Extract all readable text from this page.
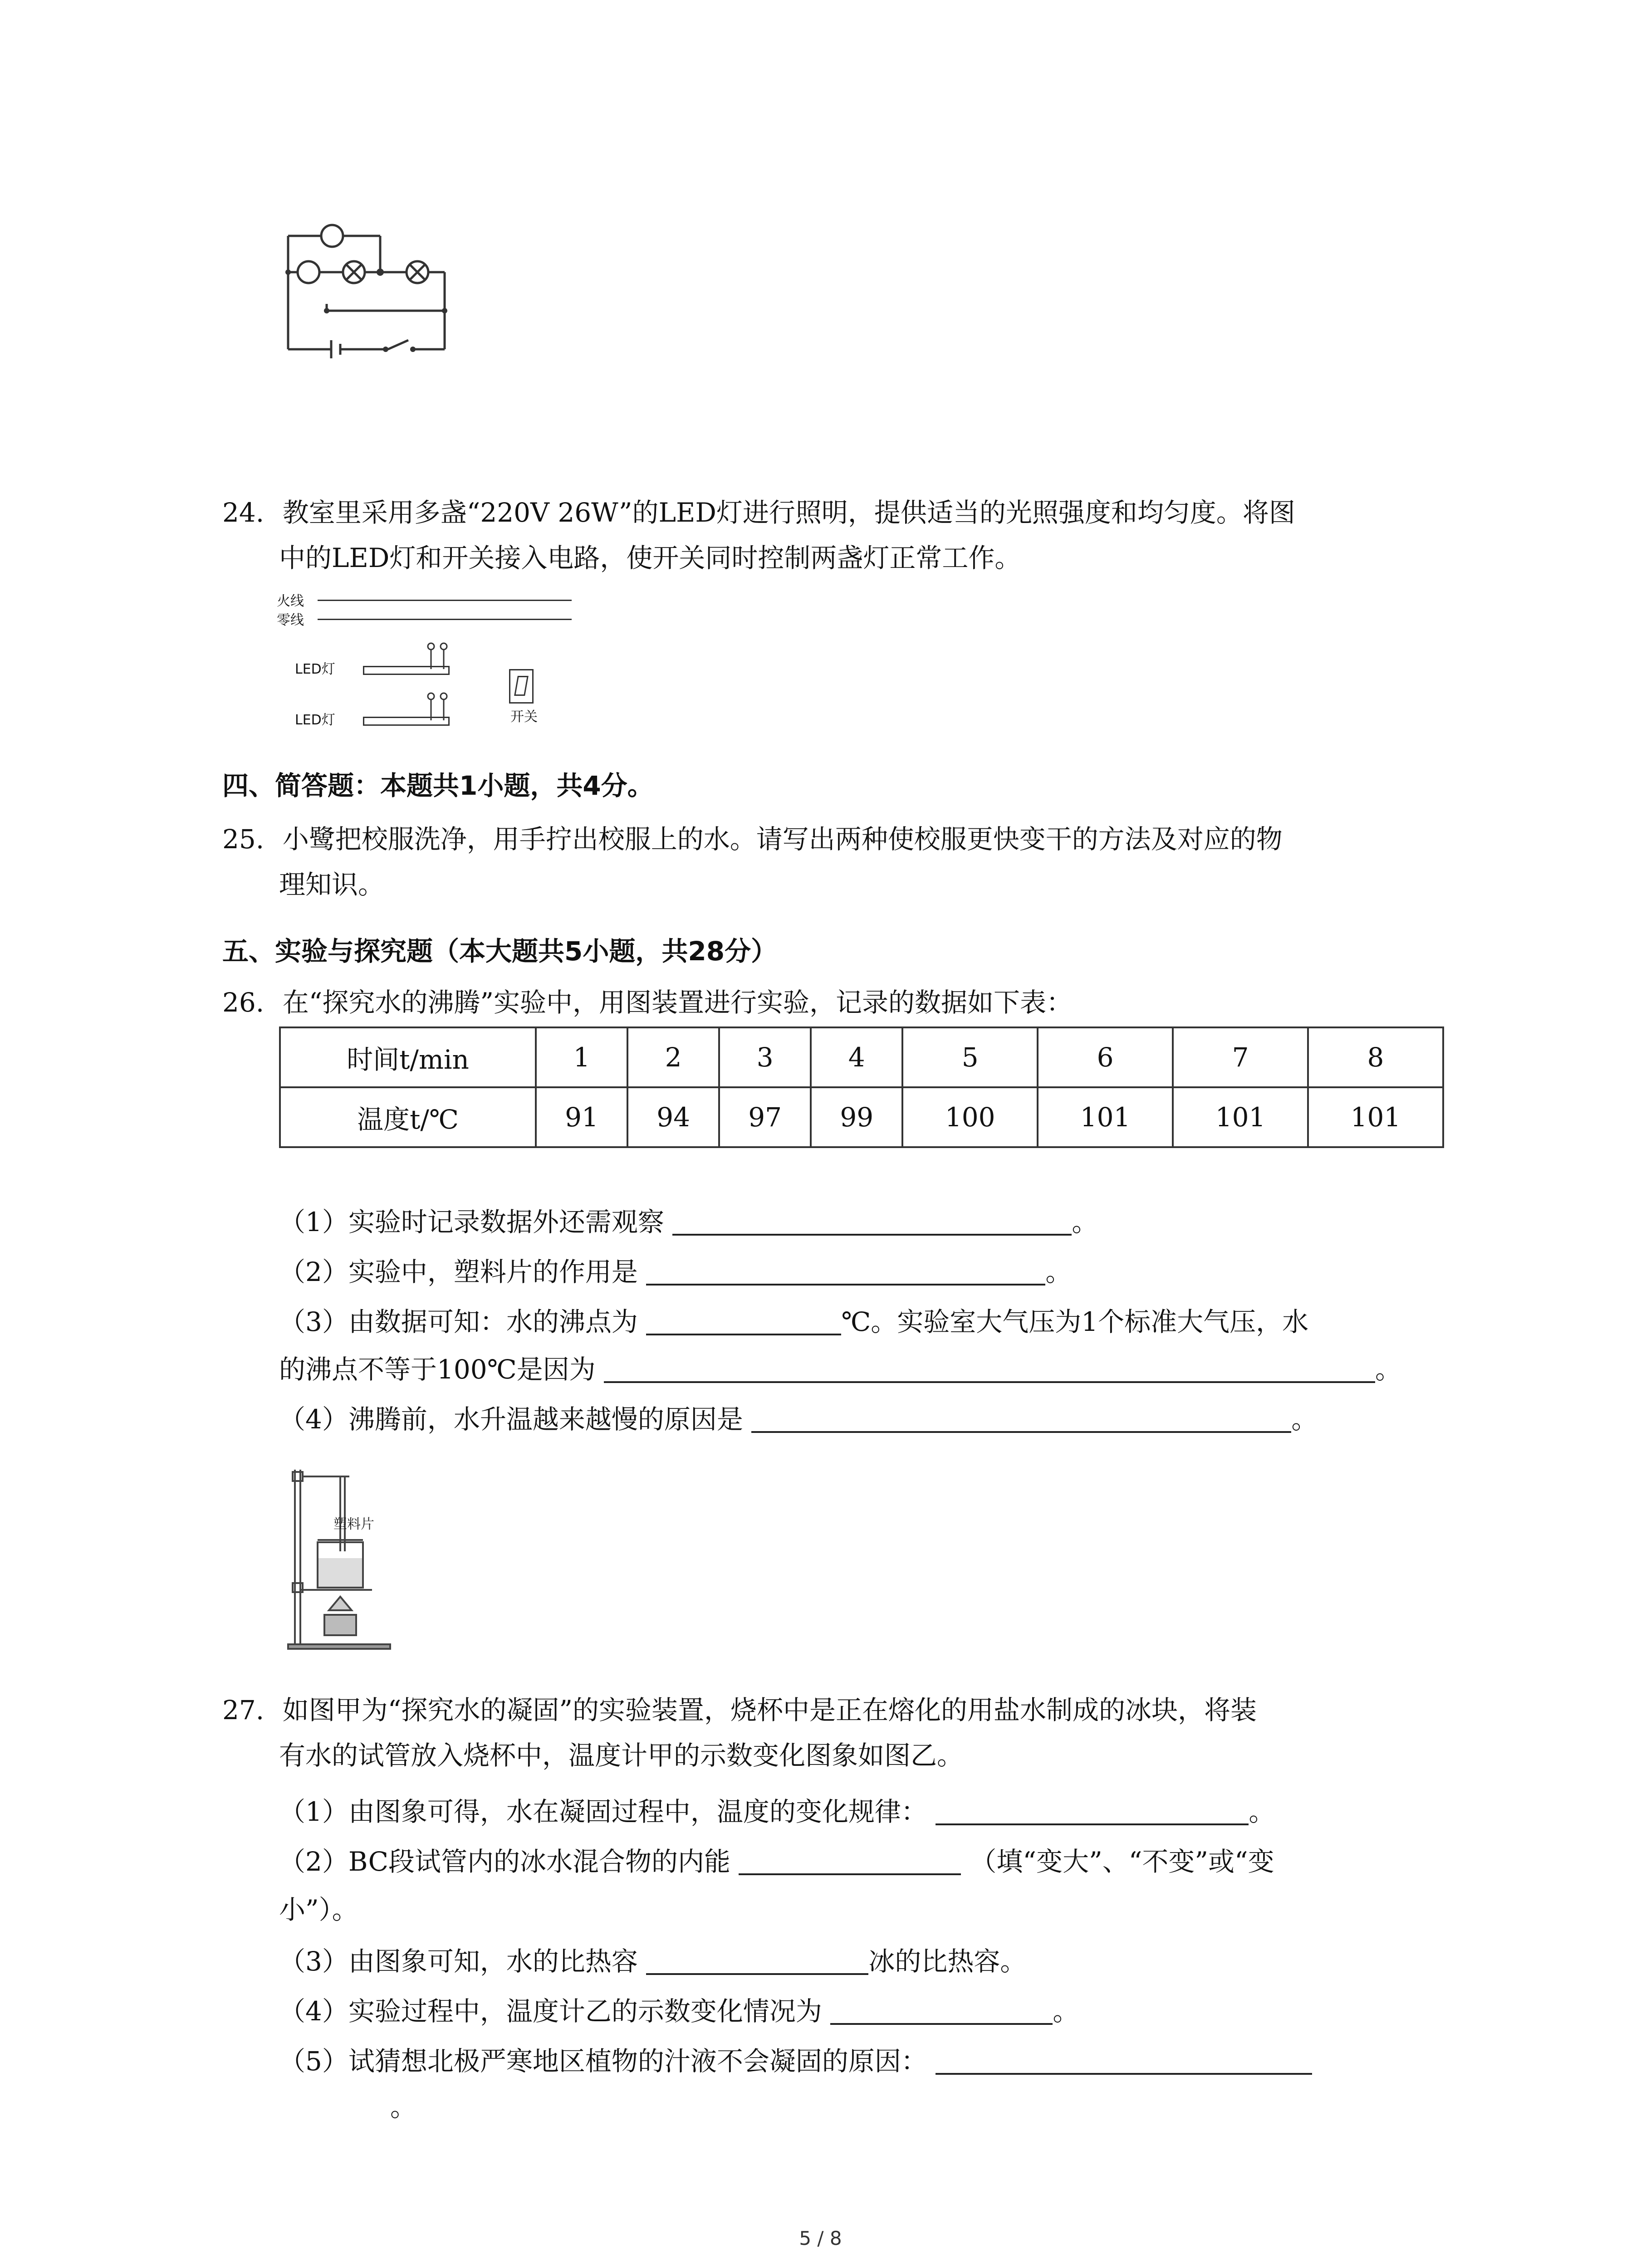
24. 教室里采用多盏“220V 26W”的LED灯进行照明，提供适当的光照强度和均匀度。将图
中的LED灯和开关接入电路，使开关同时控制两盏灯正常工作。
火线
零线
LED灯
LED灯	开关
四、简答题：本题共1小题，共4分。
25. 小鹭把校服洗净，用手拧出校服上的水。请写出两种使校服更快变干的方法及对应的物
理知识。
五、实验与探究题（本大题共5小题，共28分）
26. 在“探究水的沸腾”实验中，用图装置进行实验，记录的数据如下表：
时间t/min	1	2	3	4	5	6	7	8
温度t/℃	91	94	97	99	100	101	101	101
（1）实验时记录数据外还需观察	。
（2）实验中，塑料片的作用是	。
（3）由数据可知：水的沸点为	℃。实验室大气压为1个标准大气压，水
的沸点不等于100℃是因为	。
（4）沸腾前，水升温越来越慢的原因是	。
塑料片
27. 如图甲为“探究水的凝固”的实验装置，烧杯中是正在熔化的用盐水制成的冰块，将装
有水的试管放入烧杯中，温度计甲的示数变化图象如图乙。
（1）由图象可得，水在凝固过程中，温度的变化规律：	。
（2）BC段试管内的冰水混合物的内能	（填“变大”、“不变”或“变
小”）。
（3）由图象可知，水的比热容	冰的比热容。
（4）实验过程中，温度计乙的示数变化情况为	。
（5）试猜想北极严寒地区植物的汁液不会凝固的原因：
。
5 / 8
